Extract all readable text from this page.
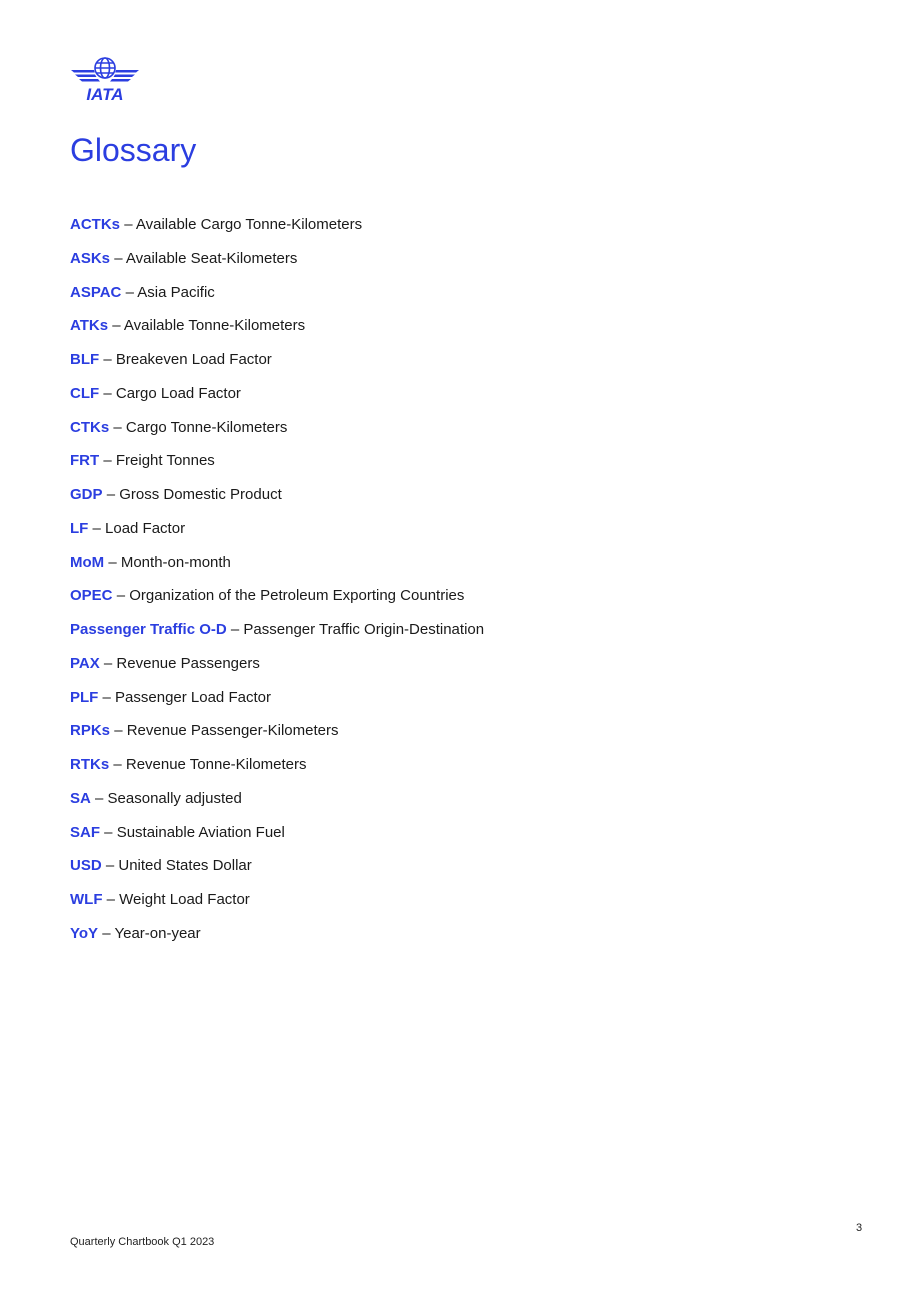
IATA
Glossary
ACTKs – Available Cargo Tonne-Kilometers
ASKs – Available Seat-Kilometers
ASPAC – Asia Pacific
ATKs – Available Tonne-Kilometers
BLF – Breakeven Load Factor
CLF – Cargo Load Factor
CTKs – Cargo Tonne-Kilometers
FRT – Freight Tonnes
GDP – Gross Domestic Product
LF – Load Factor
MoM – Month-on-month
OPEC – Organization of the Petroleum Exporting Countries
Passenger Traffic O-D – Passenger Traffic Origin-Destination
PAX – Revenue Passengers
PLF – Passenger Load Factor
RPKs – Revenue Passenger-Kilometers
RTKs – Revenue Tonne-Kilometers
SA – Seasonally adjusted
SAF – Sustainable Aviation Fuel
USD – United States Dollar
WLF – Weight Load Factor
YoY – Year-on-year
3
Quarterly Chartbook Q1 2023
